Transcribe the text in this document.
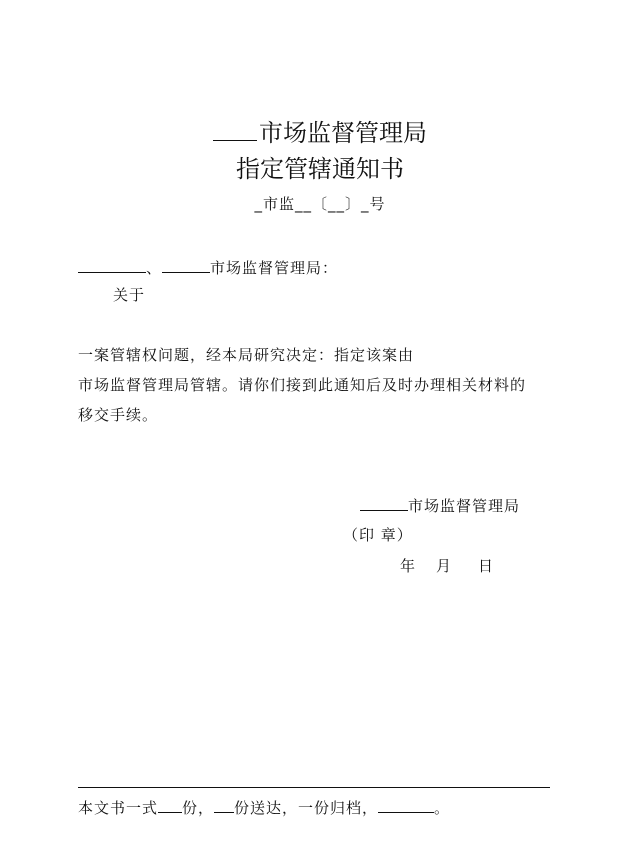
市场监督管理局
指定管辖通知书
_市监__〔__〕_号
、	市场监督管理局：
关于
一案管辖权问题，经本局研究决定：指定该案由
市场监督管理局管辖。请你们接到此通知后及时办理相关材料的
移交手续。
市场监督管理局
（印 章）
年 月 日
本文书一式 份， 份送达，一份归档，	。
